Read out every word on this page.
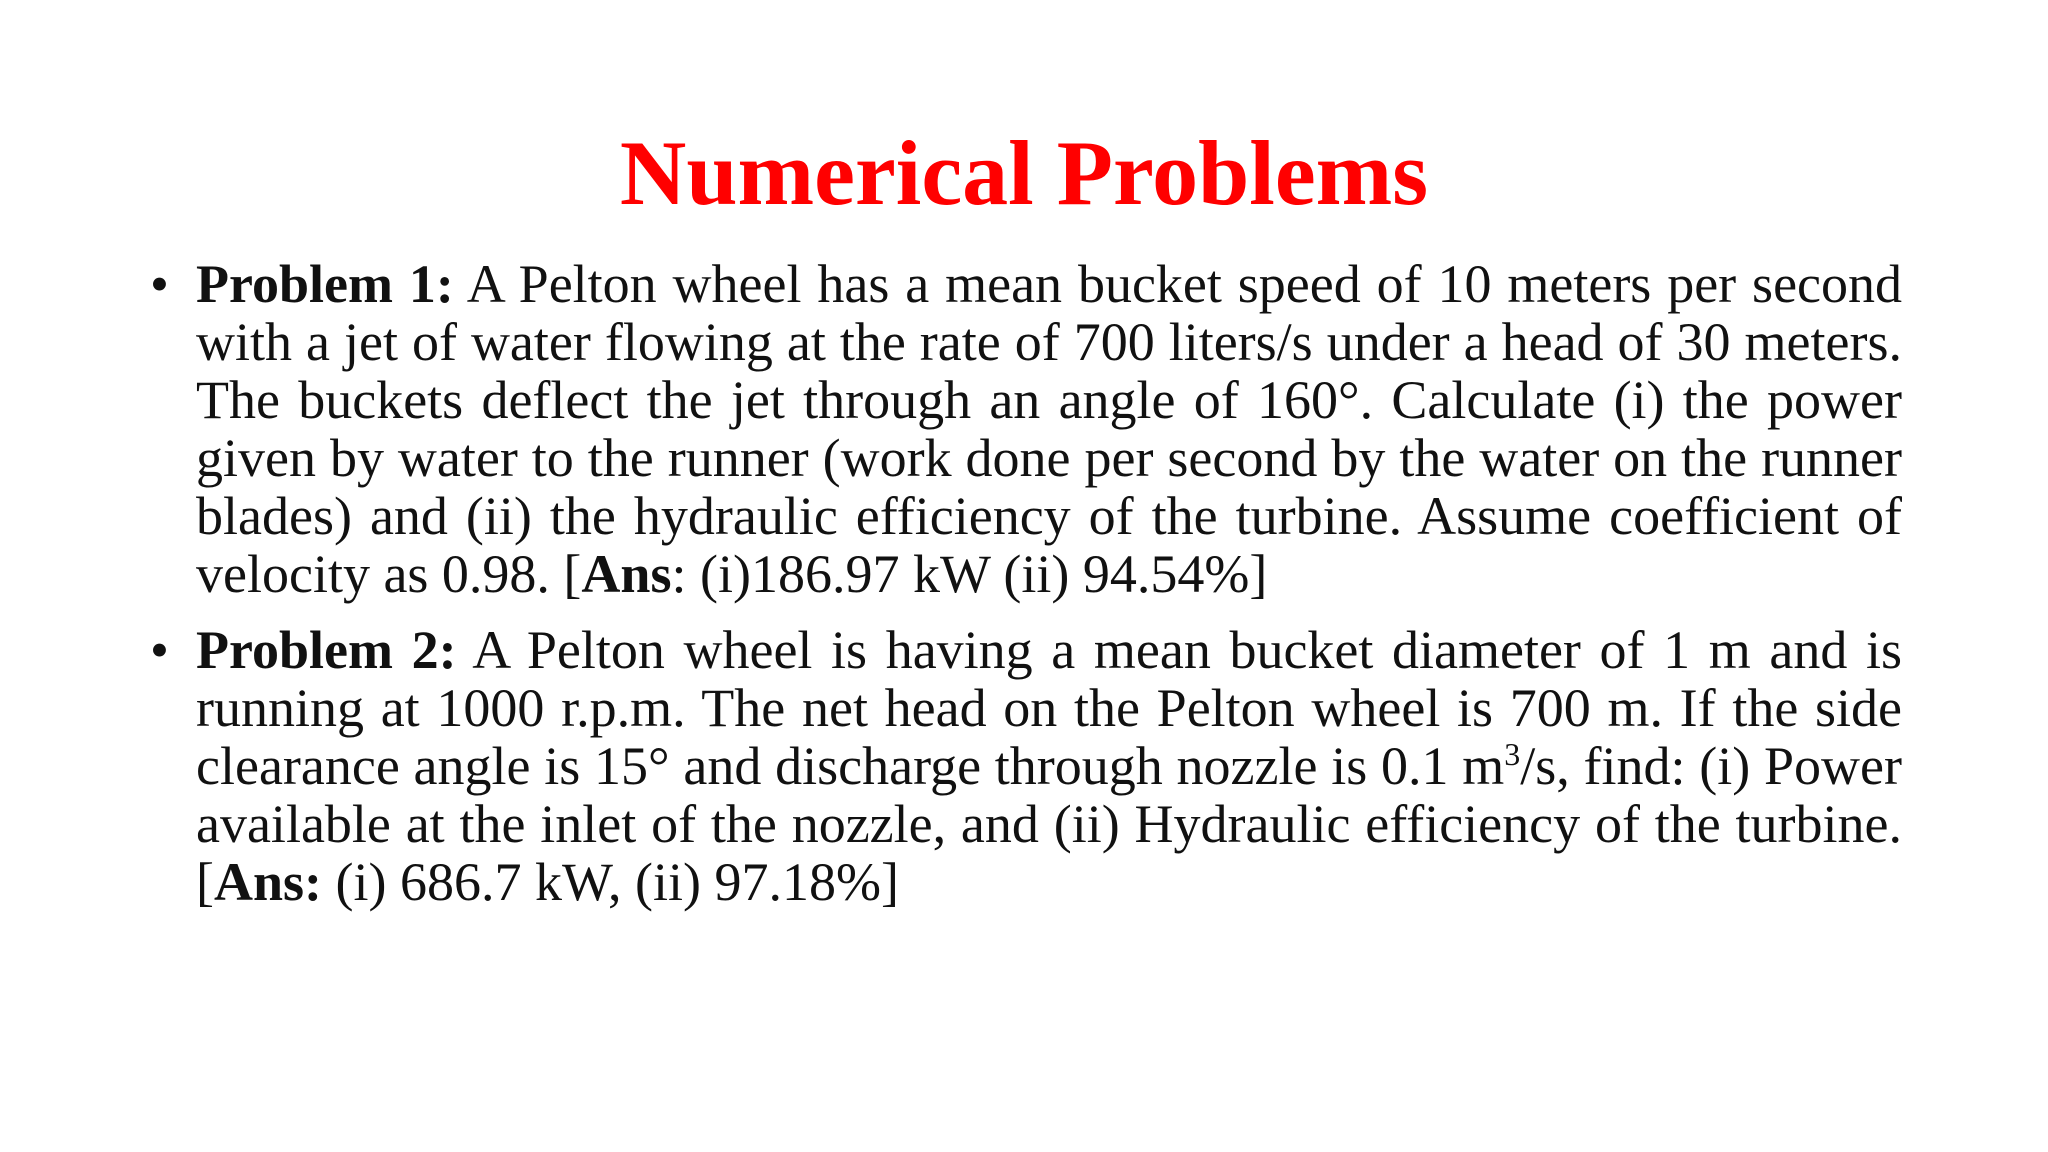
Numerical Problems
• Problem 1: A Pelton wheel has a mean bucket speed of 10 meters per second with a jet of water flowing at the rate of 700 liters/s under a head of 30 meters. The buckets deflect the jet through an angle of 160°. Calculate (i) the power given by water to the runner (work done per second by the water on the runner blades) and (ii) the hydraulic efficiency of the turbine. Assume coefficient of velocity as 0.98. [Ans: (i)186.97 kW (ii) 94.54%]
• Problem 2: A Pelton wheel is having a mean bucket diameter of 1 m and is running at 1000 r.p.m. The net head on the Pelton wheel is 700 m. If the side clearance angle is 15° and discharge through nozzle is 0.1 $m^3/s$, find: (i) Power available at the inlet of the nozzle, and (ii) Hydraulic efficiency of the turbine. [Ans: (i) 686.7 kW, (ii) 97.18%]
